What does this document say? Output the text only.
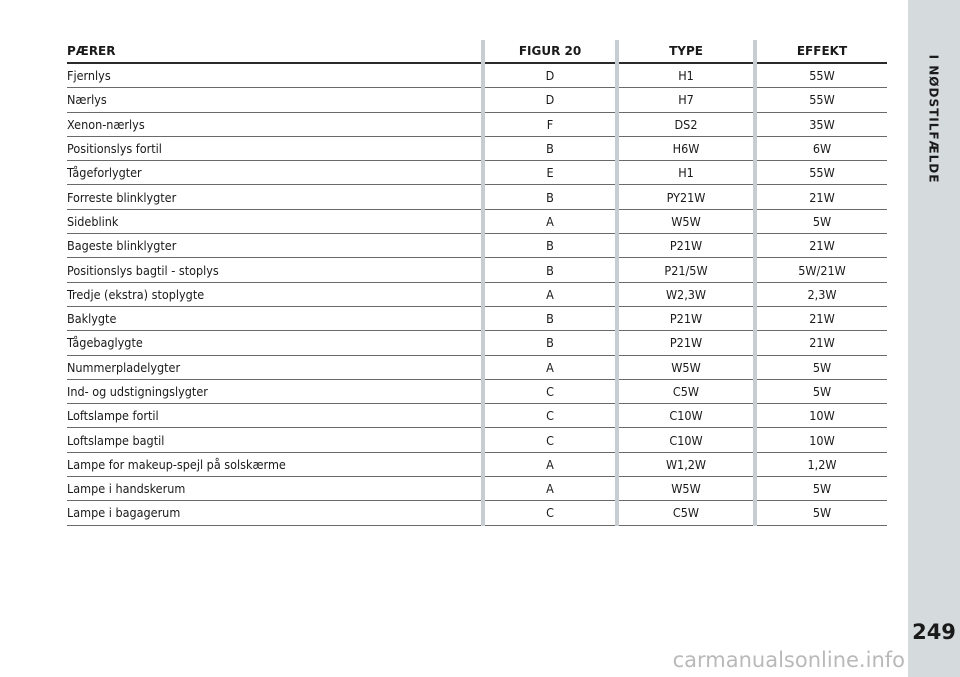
I NØDSTILFÆLDE
249
PÆRER	FIGUR 20	TYPE	EFFEKT
Fjernlys	D	H1	55W
Nærlys	D	H7	55W
Xenon-nærlys	F	DS2	35W
Positionslys fortil	B	H6W	6W
Tågeforlygter	E	H1	55W
Forreste blinklygter	B	PY21W	21W
Sideblink	A	W5W	5W
Bageste blinklygter	B	P21W	21W
Positionslys bagtil - stoplys	B	P21/5W	5W/21W
Tredje (ekstra) stoplygte	A	W2,3W	2,3W
Baklygte	B	P21W	21W
Tågebaglygte	B	P21W	21W
Nummerpladelygter	A	W5W	5W
Ind- og udstigningslygter	C	C5W	5W
Loftslampe fortil	C	C10W	10W
Loftslampe bagtil	C	C10W	10W
Lampe for makeup-spejl på solskærme	A	W1,2W	1,2W
Lampe i handskerum	A	W5W	5W
Lampe i bagagerum	C	C5W	5W
carmanualsonline.info
